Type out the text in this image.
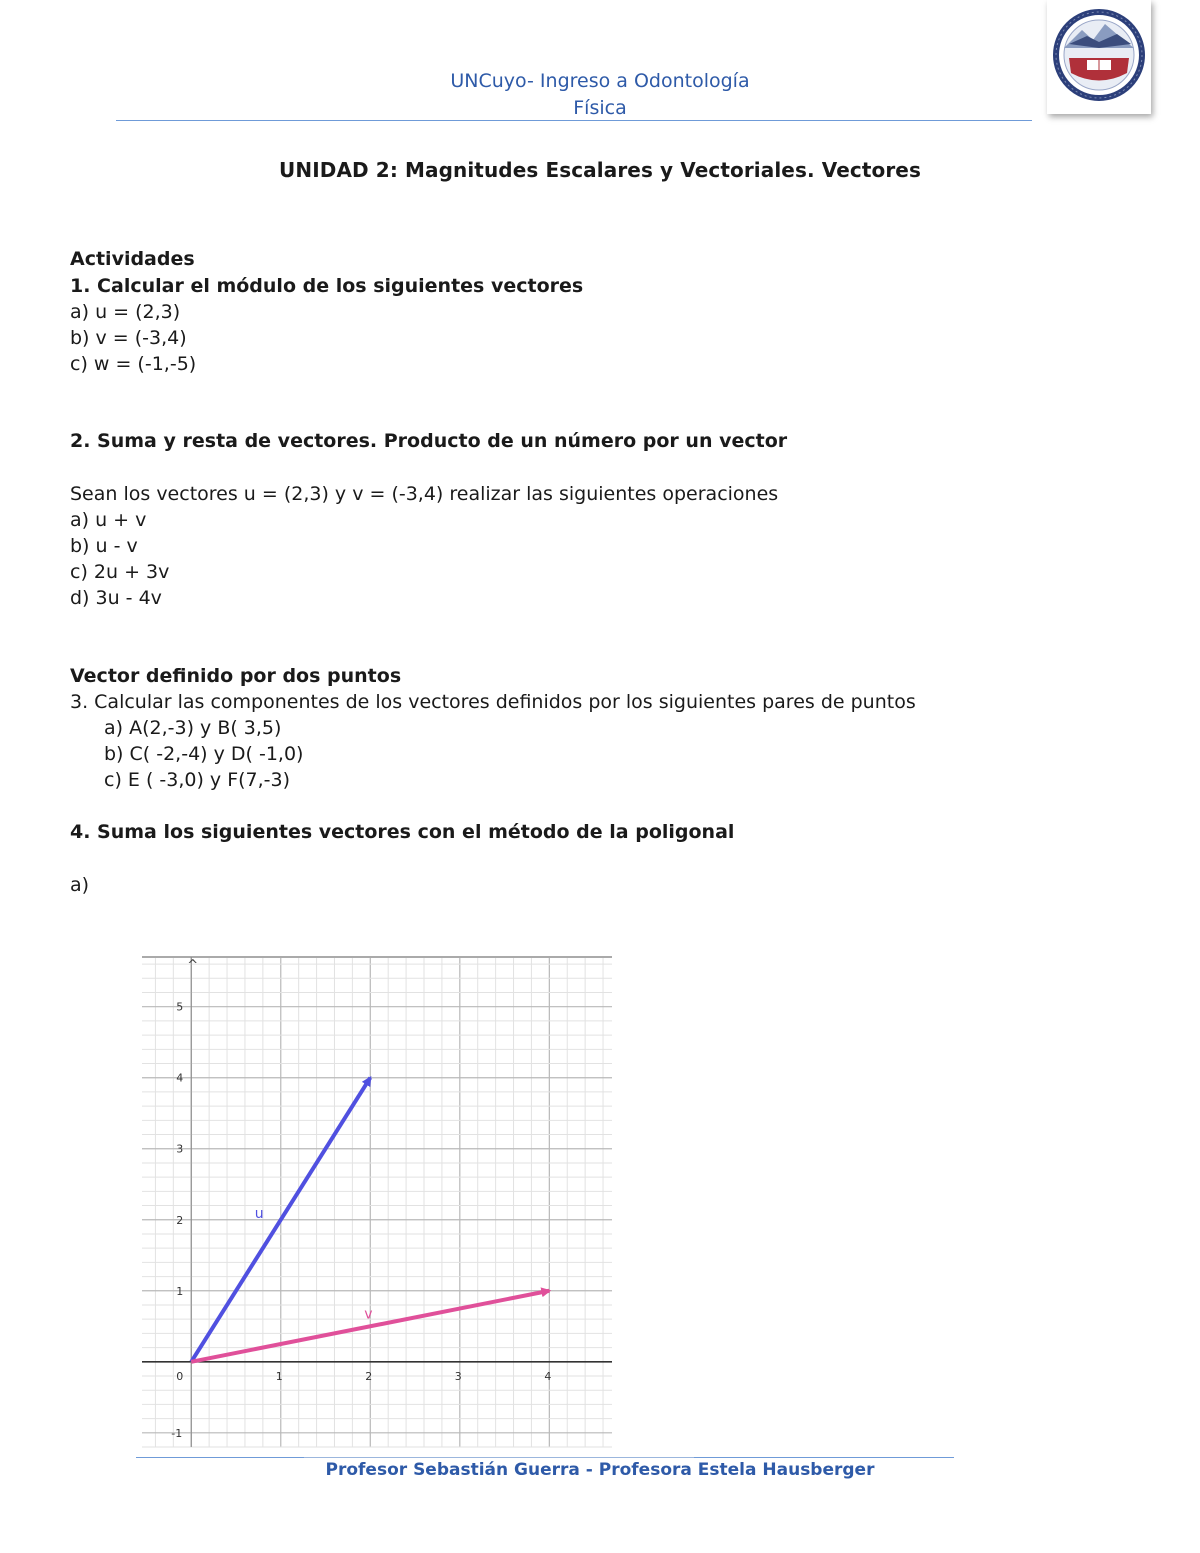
UNCuyo- Ingreso a Odontología
Física
UNIDAD 2: Magnitudes Escalares y Vectoriales. Vectores
Actividades
1. Calcular el módulo de los siguientes vectores
a) u = (2,3)
b) v = (-3,4)
c) w = (-1,-5)
2. Suma y resta de vectores. Producto de un número por un vector
Sean los vectores u = (2,3) y v = (-3,4) realizar las siguientes operaciones
a) u + v
b) u - v
c) 2u + 3v
d) 3u - 4v
Vector definido por dos puntos
3. Calcular las componentes de los vectores definidos por los siguientes pares de puntos
a) A(2,-3) y B( 3,5)
b) C( -2,-4) y D( -1,0)
c) E ( -3,0) y F(7,-3)
4. Suma los siguientes vectores con el método de la poligonal
a)
^
0	1	2	3	4
-1
1
2
3
4
5
u
v
Profesor Sebastián Guerra - Profesora Estela Hausberger
